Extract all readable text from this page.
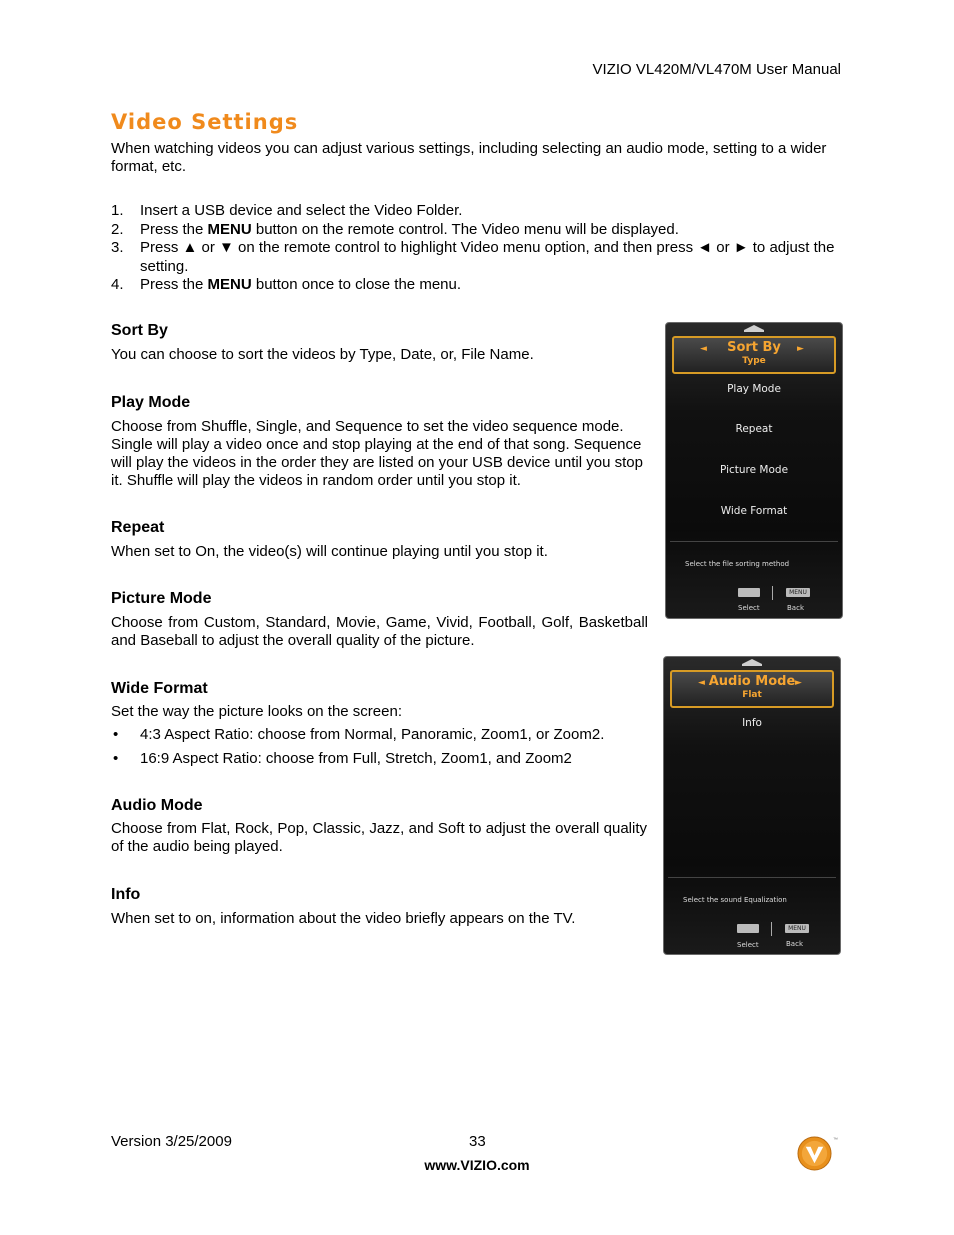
VIZIO VL420M/VL470M User Manual
Video Settings
When watching videos you can adjust various settings, including selecting an audio mode, setting to a wider format, etc.
1. Insert a USB device and select the Video Folder.
2. Press the MENU button on the remote control. The Video menu will be displayed.
3. Press ▲ or ▼ on the remote control to highlight Video menu option, and then press ◄ or ► to adjust the setting.
4. Press the MENU button once to close the menu.
Sort By
You can choose to sort the videos by Type, Date, or, File Name.
Play Mode
Choose from Shuffle, Single, and Sequence to set the video sequence mode. Single will play a video once and stop playing at the end of that song. Sequence will play the videos in the order they are listed on your USB device until you stop it. Shuffle will play the videos in random order until you stop it.
Repeat
When set to On, the video(s) will continue playing until you stop it.
Picture Mode
Choose from Custom, Standard, Movie, Game, Vivid, Football, Golf, Basketball and Baseball to adjust the overall quality of the picture.
Wide Format
Set the way the picture looks on the screen:
• 4:3 Aspect Ratio: choose from Normal, Panoramic, Zoom1, or Zoom2.
• 16:9 Aspect Ratio: choose from Full, Stretch, Zoom1, and Zoom2
Audio Mode
Choose from Flat, Rock, Pop, Classic, Jazz, and Soft to adjust the overall quality of the audio being played.
Info
When set to on, information about the video briefly appears on the TV.
Sort By
Type
◄	►
Play Mode
Repeat
Picture Mode
Wide Format
Select the file sorting method
MENU
Select	Back
Audio Mode
Flat
◄	►
Info
Select the sound Equalization
MENU
Select	Back
Version 3/25/2009	33
www.VIZIO.com
™
